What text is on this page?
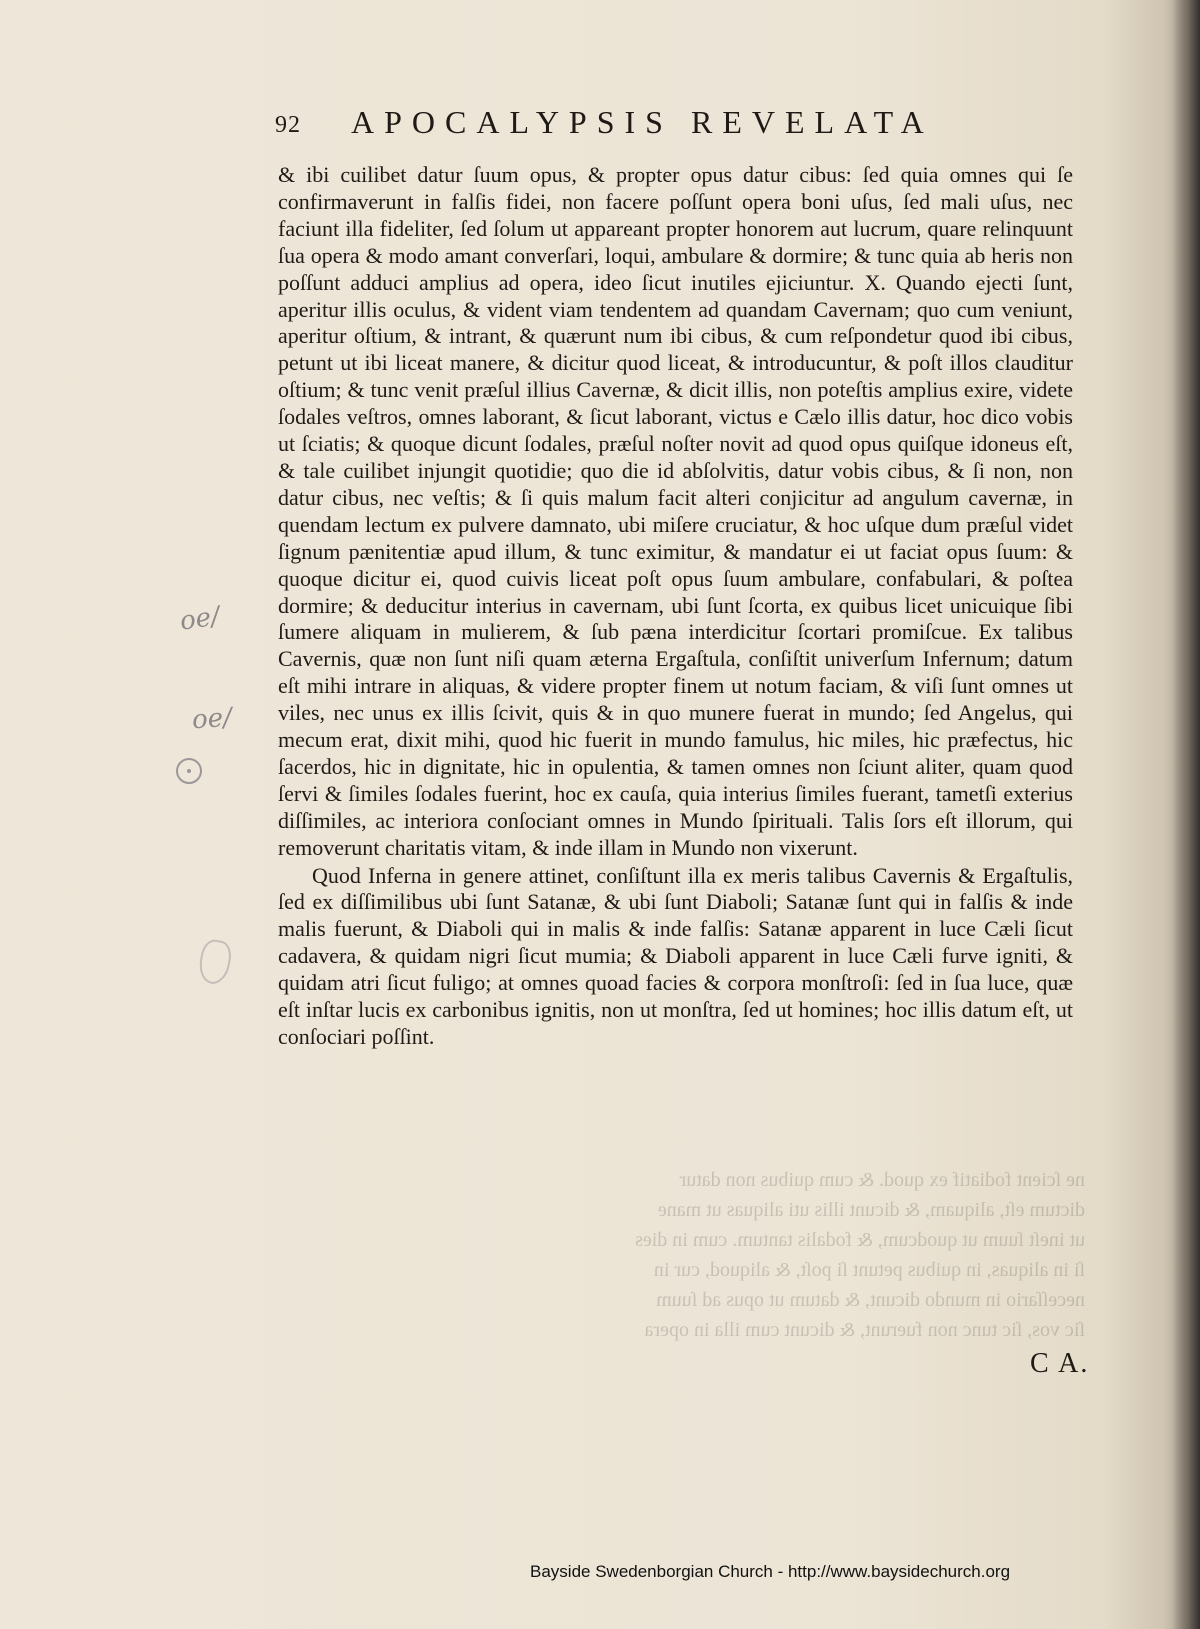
ne ſcient fodiatif ex quod. & cum quibus non datur
dictum eſt, aliquam, & dicunt illis uti aliquas ut mane
ut ineſt ſuum ut quodcum, & fodalis tantum. cum in dies
ſi in aliquas, in quibus petunt ſi poſt, & aliquod, cur in
neceſſario in mundo dicunt, & datum ut opus ad ſuum
ſic vos, ſic tunc non fuerunt, & dicunt cum illa in opera
92 APOCALYPSIS REVELATA

& ibi cuilibet datur ſuum opus, & propter opus datur cibus: ſed quia omnes qui ſe confirmaverunt in falſis fidei, non facere poſſunt opera boni uſus, ſed mali uſus, nec faciunt illa fideliter, ſed ſolum ut appareant propter honorem aut lucrum, quare relinquunt ſua opera & modo amant converſari, loqui, ambulare & dormire; & tunc quia ab heris non poſſunt adduci amplius ad opera, ideo ſicut inutiles ejiciuntur. X. Quando ejecti ſunt, aperitur illis oculus, & vident viam tendentem ad quandam Cavernam; quo cum veniunt, aperitur oſtium, & intrant, & quærunt num ibi cibus, & cum reſpondetur quod ibi cibus, petunt ut ibi liceat manere, & dicitur quod liceat, & introducuntur, & poſt illos clauditur oſtium; & tunc venit præſul illius Cavernæ, & dicit illis, non poteſtis amplius exire, videte ſodales veſtros, omnes laborant, & ſicut laborant, victus e Cælo illis datur, hoc dico vobis ut ſciatis; & quoque dicunt ſodales, præſul noſter novit ad quod opus quiſque idoneus eſt, & tale cuilibet injungit quotidie; quo die id abſolvitis, datur vobis cibus, & ſi non, non datur cibus, nec veſtis; & ſi quis malum facit alteri conjicitur ad angulum cavernæ, in quendam lectum ex pulvere damnato, ubi miſere cruciatur, & hoc uſque dum præſul videt ſignum pænitentiæ apud illum, & tunc eximitur, & mandatur ei ut faciat opus ſuum: & quoque dicitur ei, quod cuivis liceat poſt opus ſuum ambulare, confabulari, & poſtea dormire; & deducitur interius in cavernam, ubi ſunt ſcorta, ex quibus licet unicuique ſibi ſumere aliquam in mulierem, & ſub pæna interdicitur ſcortari promiſcue. Ex talibus Cavernis, quæ non ſunt niſi quam æterna Ergaſtula, conſiſtit univerſum Infernum; datum eſt mihi intrare in aliquas, & videre propter finem ut notum faciam, & viſi ſunt omnes ut viles, nec unus ex illis ſcivit, quis & in quo munere fuerat in mundo; ſed Angelus, qui mecum erat, dixit mihi, quod hic fuerit in mundo famulus, hic miles, hic præfectus, hic ſacerdos, hic in dignitate, hic in opulentia, & tamen omnes non ſciunt aliter, quam quod ſervi & ſimiles ſodales fuerint, hoc ex cauſa, quia interius ſimiles fuerant, tametſi exterius diſſimiles, ac interiora conſociant omnes in Mundo ſpirituali. Talis ſors eſt illorum, qui removerunt charitatis vitam, & inde illam in Mundo non vixerunt.

Quod Inferna in genere attinet, conſiſtunt illa ex meris talibus Cavernis & Ergaſtulis, ſed ex diſſimilibus ubi ſunt Satanæ, & ubi ſunt Diaboli; Satanæ ſunt qui in falſis & inde malis fuerunt, & Diaboli qui in malis & inde falſis: Satanæ apparent in luce Cæli ſicut cadavera, & quidam nigri ſicut mumia; & Diaboli apparent in luce Cæli furve igniti, & quidam atri ſicut fuligo; at omnes quoad facies & corpora monſtroſi: ſed in ſua luce, quæ eſt inſtar lucis ex carbonibus ignitis, non ut monſtra, ſed ut homines; hoc illis datum eſt, ut conſociari poſſint.

C A.
oe/
oe/
Bayside Swedenborgian Church - http://www.baysidechurch.org
